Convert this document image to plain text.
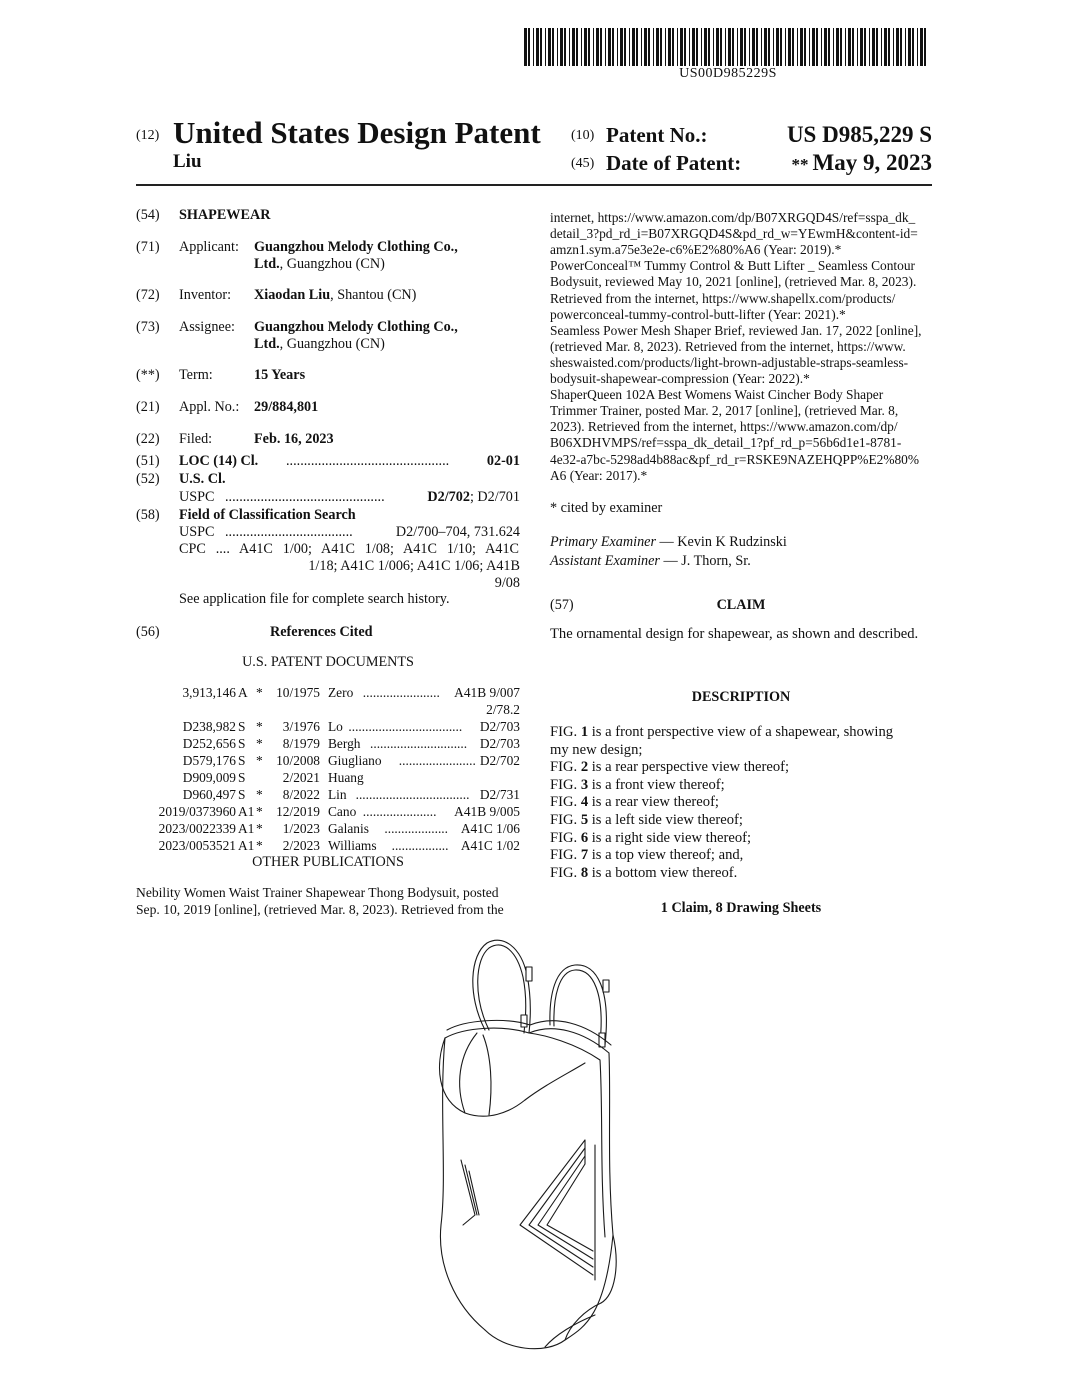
US00D985229S
(12) United States Design Patent
Liu
(10) Patent No.:	US D985,229 S
(45) Date of Patent:	** May 9, 2023
(54) SHAPEWEAR
(71) Applicant: Guangzhou Melody Clothing Co.,
Ltd., Guangzhou (CN)
(72) Inventor: Xiaodan Liu, Shantou (CN)
(73) Assignee: Guangzhou Melody Clothing Co.,
Ltd., Guangzhou (CN)
(**) Term:	15 Years
(21) Appl. No.: 29/884,801
(22) Filed:	Feb. 16, 2023
(51) LOC (14) Cl. ..............................................	02-01
(52) U.S. Cl.
USPC .............................................	D2/702; D2/701
(58) Field of Classification Search
USPC ....................................	D2/700–704, 731.624
CPC .... A41C 1/00; A41C 1/08; A41C 1/10; A41C
1/18; A41C 1/006; A41C 1/06; A41B
9/08
See application file for complete search history.
(56)	References Cited
U.S. PATENT DOCUMENTS
3,913,146 A * 10/1975 Zero ....................... A41B 9/007
2/78.2
D238,982 S * 3/1976 Lo .................................. D2/703
D252,656 S * 8/1979 Bergh ............................. D2/703
D579,176 S * 10/2008 Giugliano ....................... D2/702
D909,009 S	2/2021 Huang
D960,497 S * 8/2022 Lin .................................. D2/731
2019/0373960 A1 * 12/2019 Cano ...................... A41B 9/005
2023/0022339 A1 * 1/2023 Galanis ................... A41C 1/06
2023/0053521 A1 * 2/2023 Williams ................. A41C 1/02
OTHER PUBLICATIONS
Nebility Women Waist Trainer Shapewear Thong Bodysuit, posted
Sep. 10, 2019 [online], (retrieved Mar. 8, 2023). Retrieved from the
internet, https://www.amazon.com/dp/B07XRGQD4S/ref=sspa_dk_
detail_3?pd_rd_i=B07XRGQD4S&pd_rd_w=YEwmH&content-id=
amzn1.sym.a75e3e2e-c6%E2%80%A6 (Year: 2019).*
PowerConceal™ Tummy Control & Butt Lifter _ Seamless Contour
Bodysuit, reviewed May 10, 2021 [online], (retrieved Mar. 8, 2023).
Retrieved from the internet, https://www.shapellx.com/products/
powerconceal-tummy-control-butt-lifter (Year: 2021).*
Seamless Power Mesh Shaper Brief, reviewed Jan. 17, 2022 [online],
(retrieved Mar. 8, 2023). Retrieved from the internet, https://www.
sheswaisted.com/products/light-brown-adjustable-straps-seamless-
bodysuit-shapewear-compression (Year: 2022).*
ShaperQueen 102A Best Womens Waist Cincher Body Shaper
Trimmer Trainer, posted Mar. 2, 2017 [online], (retrieved Mar. 8,
2023). Retrieved from the internet, https://www.amazon.com/dp/
B06XDHVMPS/ref=sspa_dk_detail_1?pf_rd_p=56b6d1e1-8781-
4e32-a7bc-5298ad4b88ac&pf_rd_r=RSKE9NAZEHQPP%E2%80%
A6 (Year: 2017).*
* cited by examiner
Primary Examiner — Kevin K Rudzinski
Assistant Examiner — J. Thorn, Sr.
(57)	CLAIM
The ornamental design for shapewear, as shown and described.
DESCRIPTION
FIG. 1 is a front perspective view of a shapewear, showing
my new design;
FIG. 2 is a rear perspective view thereof;
FIG. 3 is a front view thereof;
FIG. 4 is a rear view thereof;
FIG. 5 is a left side view thereof;
FIG. 6 is a right side view thereof;
FIG. 7 is a top view thereof; and,
FIG. 8 is a bottom view thereof.
1 Claim, 8 Drawing Sheets
